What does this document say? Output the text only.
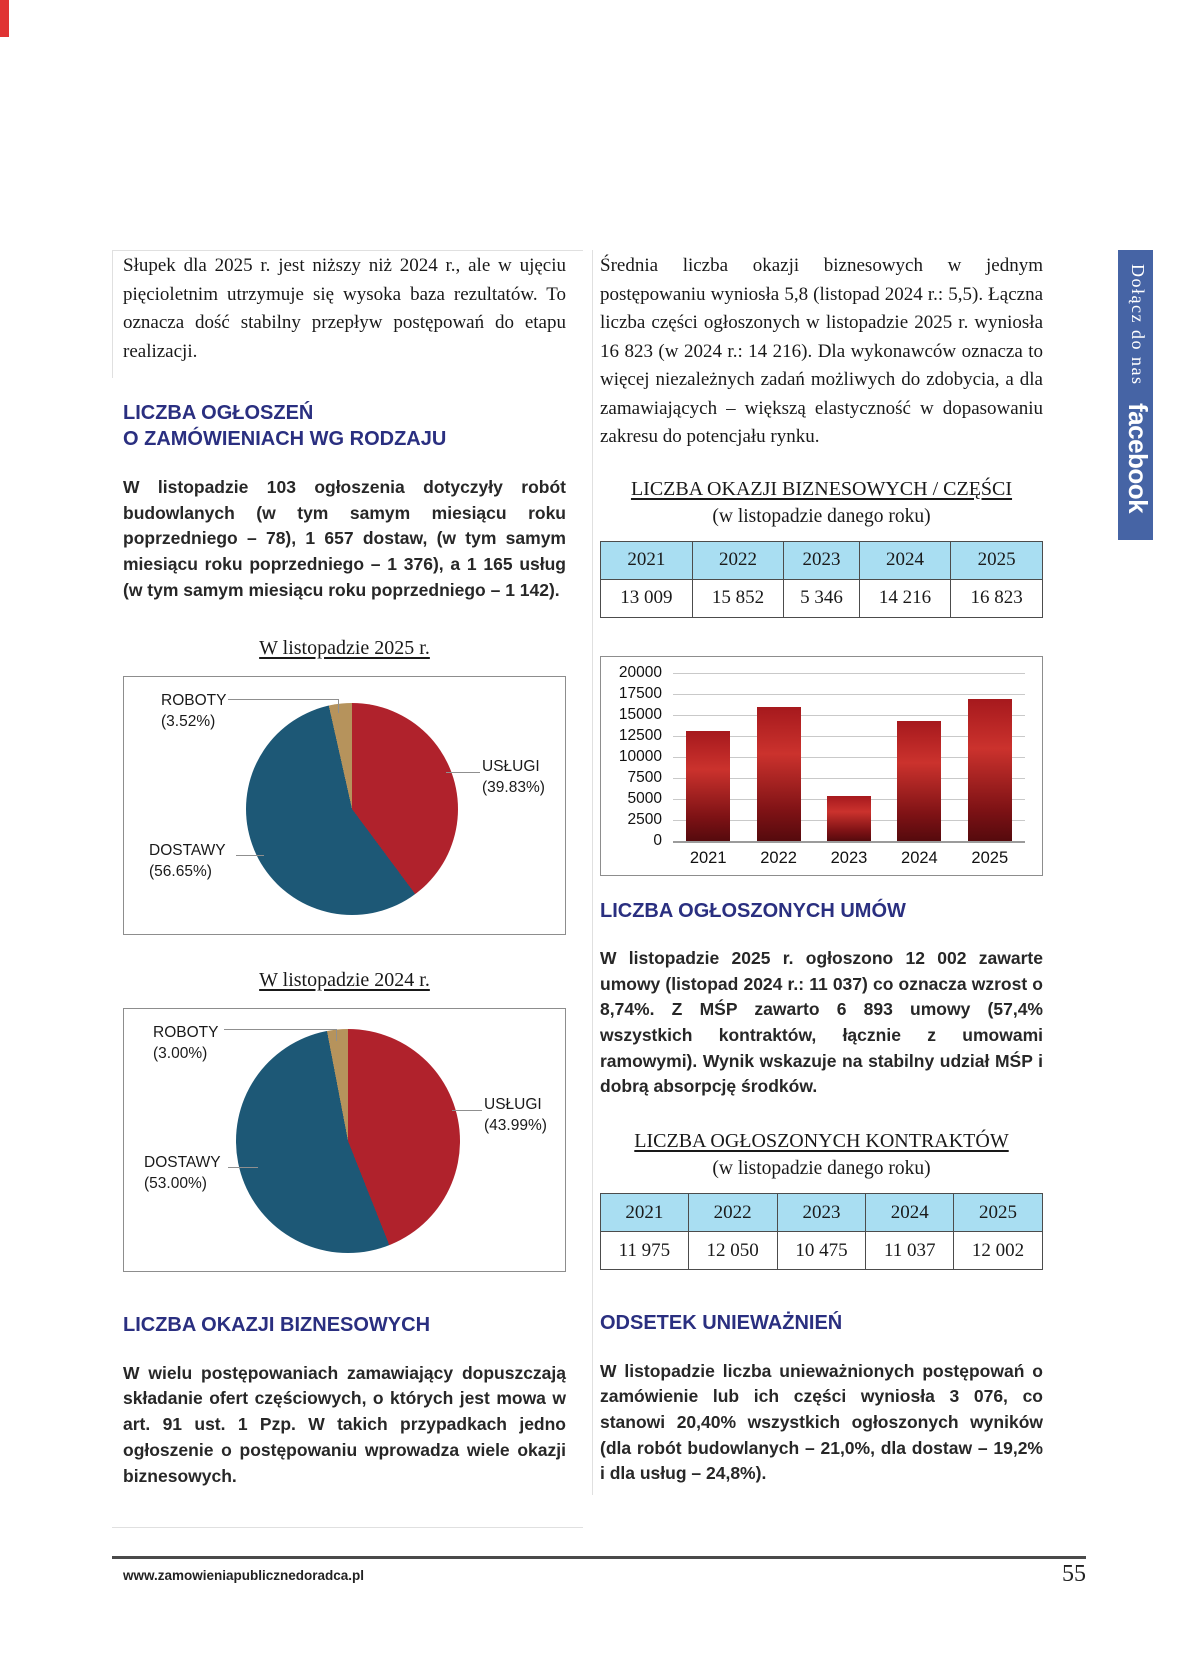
Słupek dla 2025 r. jest niższy niż 2024 r., ale w ujęciu pięcioletnim utrzymuje się wysoka baza rezultatów. To oznacza dość stabilny przepływ postępowań do etapu realizacji.

LICZBA OGŁOSZEŃ
O ZAMÓWIENIACH WG RODZAJU

W listopadzie 103 ogłoszenia dotyczyły robót budowlanych (w tym samym miesiącu roku poprzedniego – 78), 1 657 dostaw, (w tym samym miesiącu roku poprzedniego – 1 376), a 1 165 usług (w tym samym miesiącu roku poprzedniego – 1 142).

W listopadzie 2025 r.
ROBOTY
(3.52%)
USŁUGI
(39.83%)
DOSTAWY
(56.65%)
W listopadzie 2024 r.
ROBOTY
(3.00%)
USŁUGI
(43.99%)
DOSTAWY
(53.00%)
LICZBA OKAZJI BIZNESOWYCH

W wielu postępowaniach zamawiający dopuszczają składanie ofert częściowych, o których jest mowa w art. 91 ust. 1 Pzp. W takich przypadkach jedno ogłoszenie o postępowaniu wprowadza wiele okazji biznesowych.

Średnia liczba okazji biznesowych w jednym postępowaniu wyniosła 5,8 (listopad 2024 r.: 5,5). Łączna liczba części ogłoszonych w listopadzie 2025 r. wyniosła 16 823 (w 2024 r.: 14 216). Dla wykonawców oznacza to więcej niezależnych zadań możliwych do zdobycia, a dla zamawiających – większą elastyczność w dopasowaniu zakresu do potencjału rynku.

LICZBA OKAZJI BIZNESOWYCH / CZĘŚCI
(w listopadzie danego roku)
2021	2022	2023	2024	2025
13 009	15 852	5 346	14 216	16 823
0
2500
5000
7500
10000
12500
15000
17500
20000
2021	2022	2023	2024	2025
LICZBA OGŁOSZONYCH UMÓW

W listopadzie 2025 r. ogłoszono 12 002 zawarte umowy (listopad 2024 r.: 11 037) co oznacza wzrost o 8,74%. Z MŚP zawarto 6 893 umowy (57,4% wszystkich kontraktów, łącznie z umowami ramowymi). Wynik wskazuje na stabilny udział MŚP i dobrą absorpcję środków.

LICZBA OGŁOSZONYCH KONTRAKTÓW
(w listopadzie danego roku)
2021	2022	2023	2024	2025
11 975	12 050	10 475	11 037	12 002
ODSETEK UNIEWAŻNIEŃ

W listopadzie liczba unieważnionych postępowań o zamówienie lub ich części wyniosła 3 076, co stanowi 20,40% wszystkich ogłoszonych wyników (dla robót budowlanych – 21,0%, dla dostaw – 19,2% i dla usług – 24,8%).

Dołącz do nasfacebook
www.zamowieniapublicznedoradca.pl	55
